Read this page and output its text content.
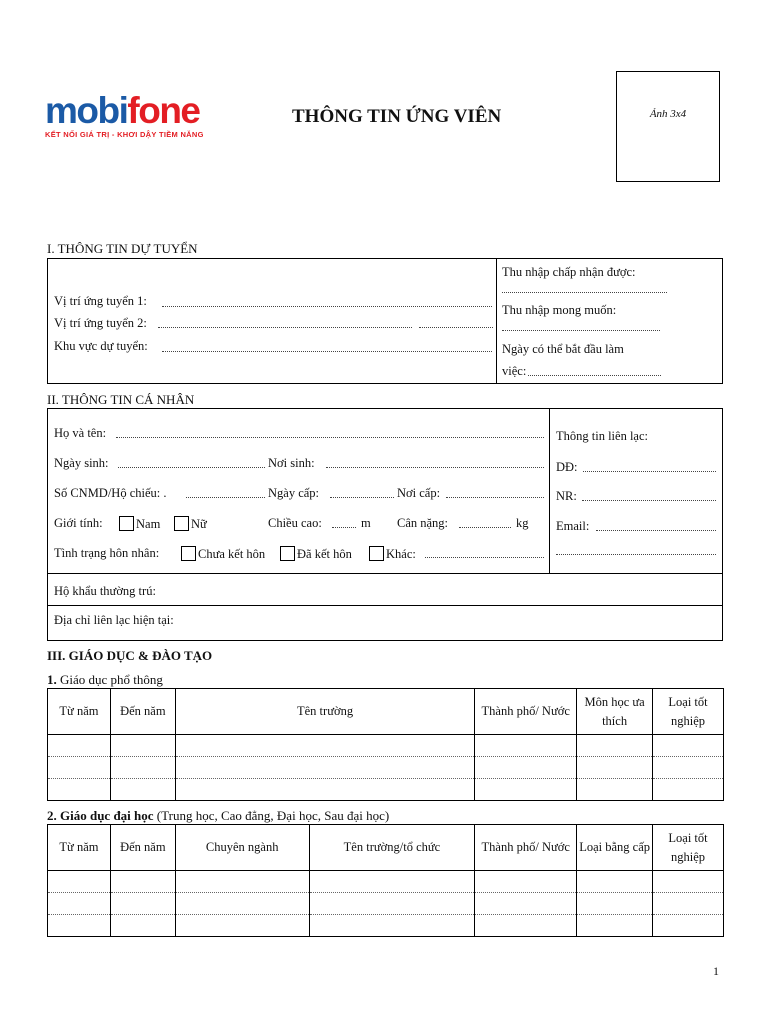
mobifone
KẾT NỐI GIÁ TRỊ - KHƠI DẬY TIỀM NĂNG
THÔNG TIN ỨNG VIÊN	Ảnh 3x4
I. THÔNG TIN DỰ TUYỂN
Vị trí ứng tuyển 1:
Vị trí ứng tuyển 2:
Khu vực dự tuyển:
Thu nhập chấp nhận được:
Thu nhập mong muốn:
Ngày có thể bắt đầu làm
việc:
II. THÔNG TIN CÁ NHÂN
Họ và tên:
Ngày sinh:	Nơi sinh:
Số CNMD/Hộ chiếu: .	Ngày cấp:	Nơi cấp:
Giới tính:	Nam	Nữ	Chiều cao:	m Cân nặng:	kg
Tình trạng hôn nhân:	Chưa kết hôn	Đã kết hôn	Khác:
Thông tin liên lạc:
DĐ:
NR:
Email:
Hộ khẩu thường trú:
Địa chỉ liên lạc hiện tại:
III. GIÁO DỤC & ĐÀO TẠO
1. Giáo dục phổ thông
Từ năm	Đến năm	Tên trường	Thành phố/ Nước	Môn học ưa thích	Loại tốt nghiệp

2. Giáo dục đại học (Trung học, Cao đẳng, Đại học, Sau đại học)
Từ năm	Đến năm	Chuyên ngành	Tên trường/tổ chức	Thành phố/ Nước	Loại bằng cấp	Loại tốt nghiệp

1
